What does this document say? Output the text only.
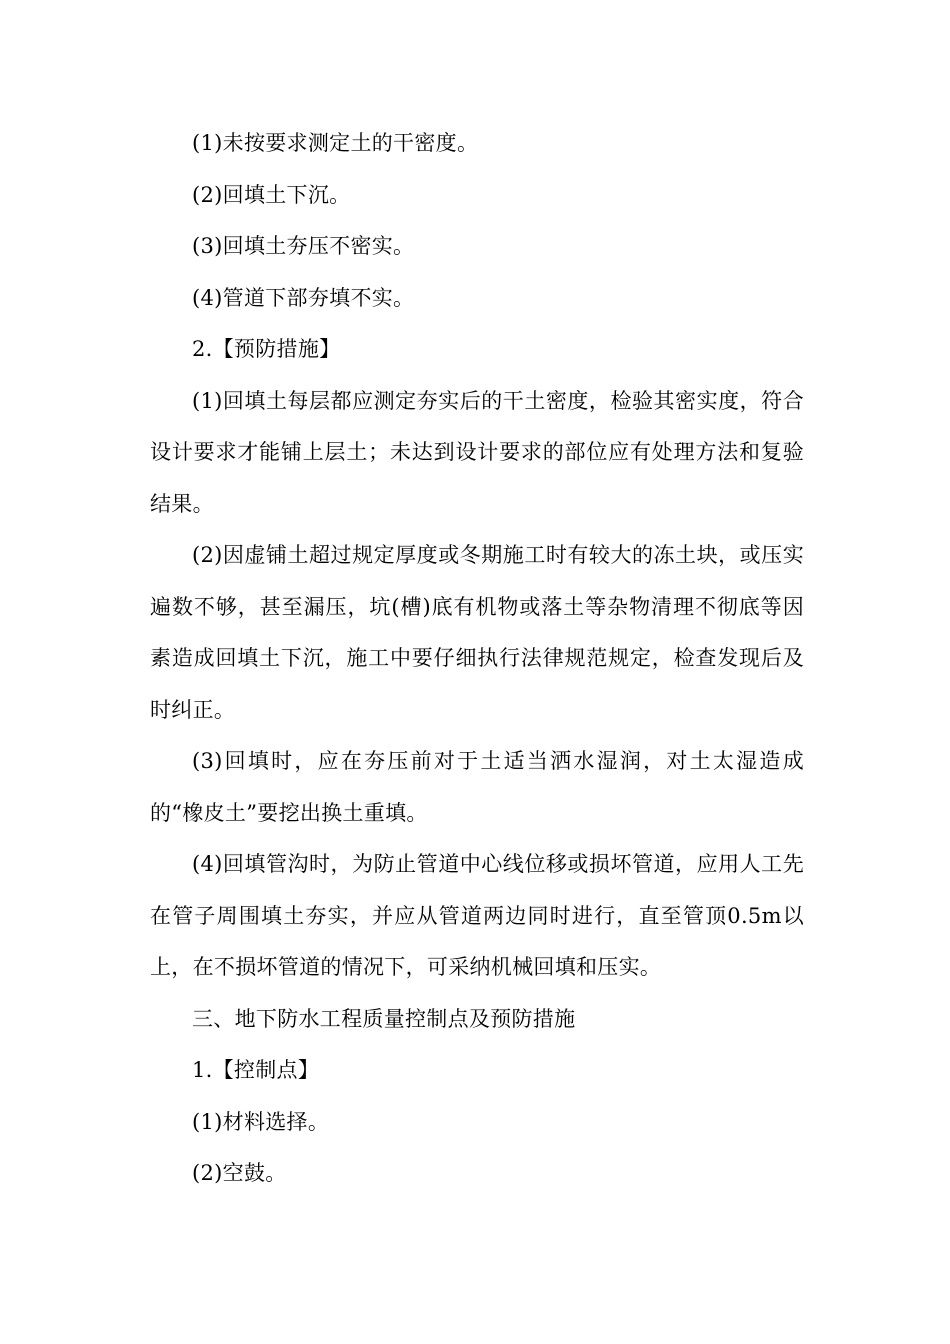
(1)未按要求测定土的干密度。

(2)回填土下沉。

(3)回填土夯压不密实。

(4)管道下部夯填不实。

2.【预防措施】

(1)回填土每层都应测定夯实后的干土密度，检验其密实度，符合设计要求才能铺上层土；未达到设计要求的部位应有处理方法和复验结果。

(2)因虚铺土超过规定厚度或冬期施工时有较大的冻土块，或压实遍数不够，甚至漏压，坑(槽)底有机物或落土等杂物清理不彻底等因素造成回填土下沉，施工中要仔细执行法律规范规定，检查发现后及时纠正。

(3)回填时，应在夯压前对于土适当洒水湿润，对土太湿造成的“橡皮土”要挖出换土重填。

(4)回填管沟时，为防止管道中心线位移或损坏管道，应用人工先在管子周围填土夯实，并应从管道两边同时进行，直至管顶0.5m以上，在不损坏管道的情况下，可采纳机械回填和压实。

三、地下防水工程质量控制点及预防措施

1.【控制点】

(1)材料选择。

(2)空鼓。
